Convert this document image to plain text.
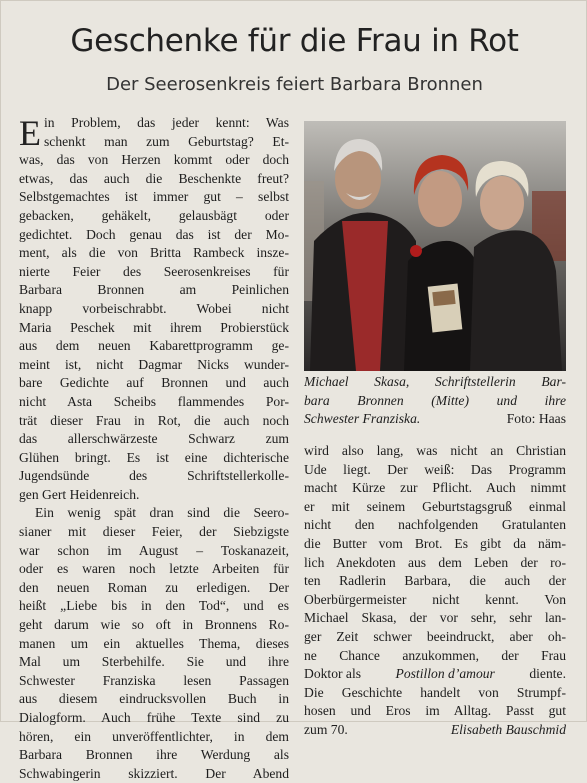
Geschenke für die Frau in Rot
Der Seerosenkreis feiert Barbara Bronnen
E in Problem, das jeder kennt: Was
schenkt man zum Geburtstag? Et-
was, das von Herzen kommt oder doch
etwas, das auch die Beschenkte freut?
Selbstgemachtes ist immer gut – selbst
gebacken, gehäkelt, gelausbägt oder
gedichtet. Doch genau das ist der Mo-
ment, als die von Britta Rambeck insze-
nierte Feier des Seerosenkreises für
Barbara Bronnen am Peinlichen
knapp vorbeischrabbt. Wobei nicht
Maria Peschek mit ihrem Probierstück
aus dem neuen Kabarettprogramm ge-
meint ist, nicht Dagmar Nicks wunder-
bare Gedichte auf Bronnen und auch
nicht Asta Scheibs flammendes Por-
trät dieser Frau in Rot, die auch noch
das allerschwärzeste Schwarz zum
Glühen bringt. Es ist eine dichterische
Jugendsünde des Schriftstellerkolle-
gen Gert Heidenreich.
Ein wenig spät dran sind die Seero-
sianer mit dieser Feier, der Siebzigste
war schon im August – Toskanazeit,
oder es waren noch letzte Arbeiten für
den neuen Roman zu erledigen. Der
heißt „Liebe bis in den Tod“, und es
geht darum wie so oft in Bronnens Ro-
manen um ein aktuelles Thema, dieses
Mal um Sterbehilfe. Sie und ihre
Schwester Franziska lesen Passagen
aus diesem eindrucksvollen Buch in
Dialogform. Auch frühe Texte sind zu
hören, ein unveröffentlichter, in dem
Barbara Bronnen ihre Werdung als
Schwabingerin skizziert. Der Abend
Michael Skasa, Schriftstellerin Bar-
bara Bronnen (Mitte) und ihre
Schwester Franziska.	Foto: Haas
wird also lang, was nicht an Christian
Ude liegt. Der weiß: Das Programm
macht Kürze zur Pflicht. Auch nimmt
er mit seinem Geburtstagsgruß einmal
nicht den nachfolgenden Gratulanten
die Butter vom Brot. Es gibt da näm-
lich Anekdoten aus dem Leben der ro-
ten Radlerin Barbara, die auch der
Oberbürgermeister nicht kennt. Von
Michael Skasa, der vor sehr, sehr lan-
ger Zeit schwer beeindruckt, aber oh-
ne Chance anzukommen, der Frau
Doktor als	Postillon d’amour	diente.
Die Geschichte handelt von Strumpf-
hosen und Eros im Alltag. Passt gut
zum 70.	Elisabeth Bauschmid
